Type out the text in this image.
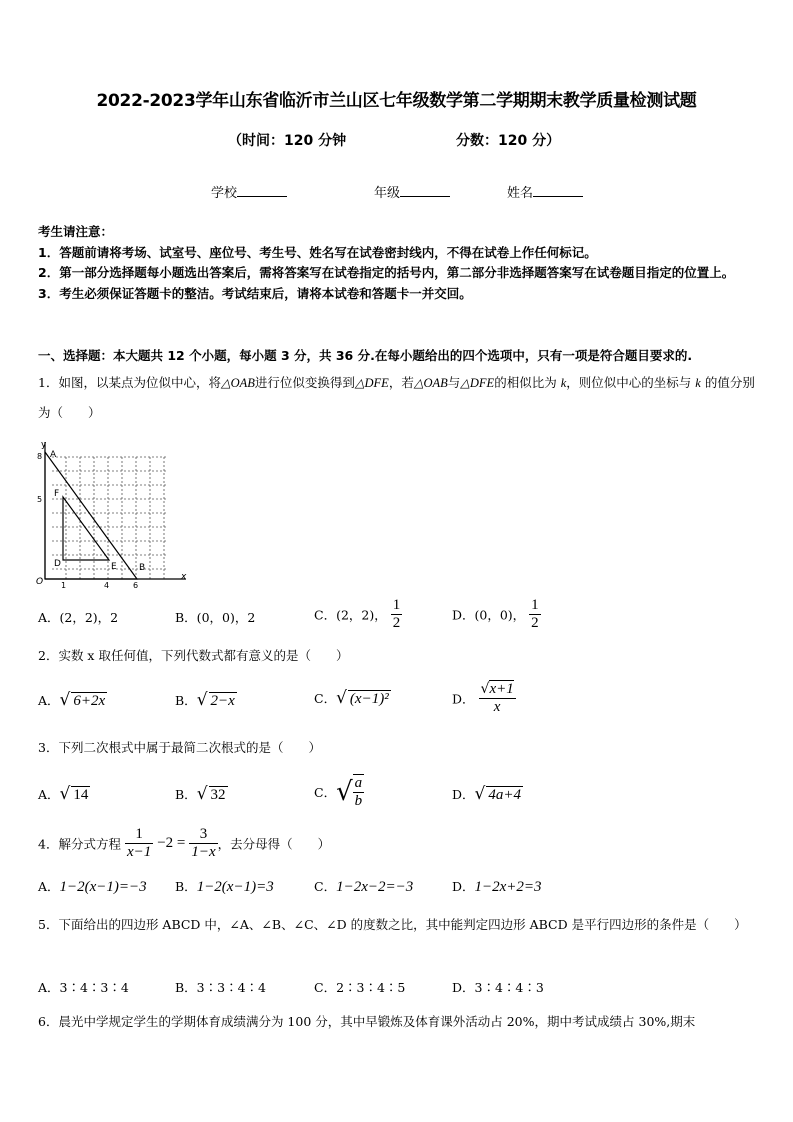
2022-2023学年山东省临沂市兰山区七年级数学第二学期期末教学质量检测试题
（时间：120 分钟	分数：120 分）
学校	年级	姓名
考生请注意：
1．答题前请将考场、试室号、座位号、考生号、姓名写在试卷密封线内，不得在试卷上作任何标记。
2．第一部分选择题每小题选出答案后，需将答案写在试卷指定的括号内，第二部分非选择题答案写在试卷题目指定的位置上。
3．考生必须保证答题卡的整洁。考试结束后，请将本试卷和答题卡一并交回。
一、选择题：本大题共 12 个小题，每小题 3 分，共 36 分.在每小题给出的四个选项中，只有一项是符合题目要求的.
1．如图，以某点为位似中心，将△OAB进行位似变换得到△DFE，若△OAB与△DFE的相似比为 k，则位似中心的坐标与 k 的值分别为（　　）
y
x
O
A
B
D	E
F
1	4	6
8
5
A．(2，2)，2	B．(0，0)，2	C．(2，2)， $\frac{1}{2}$	D．(0，0)， $\frac{1}{2}$
2．实数 x 取任何值，下列代数式都有意义的是（　　）
A．√ 6+2x	B．√ 2−x	C．√ (x−1)²	D． $\frac{√x+1}{x}$
3．下列二次根式中属于最简二次根式的是（　　）
A．√ 14	B．√ 32	C．√ $\frac{a}{b}$	D．√ 4a+4
4．解分式方程 $\frac{1}{x-1} -2 = \frac{3}{1-x}$ ，去分母得（　　）
A．1−2(x−1)=−3 B．1−2(x−1)=3	C．1−2x−2=−3	D．1−2x+2=3
5．下面给出的四边形 ABCD 中，∠A、∠B、∠C、∠D 的度数之比，其中能判定四边形 ABCD 是平行四边形的条件是（　　）
A．3∶4∶3∶4	B．3∶3∶4∶4	C．2∶3∶4∶5	D．3∶4∶4∶3
6．晨光中学规定学生的学期体育成绩满分为 100 分，其中早锻炼及体育课外活动占 20%，期中考试成绩占 30%,期末
